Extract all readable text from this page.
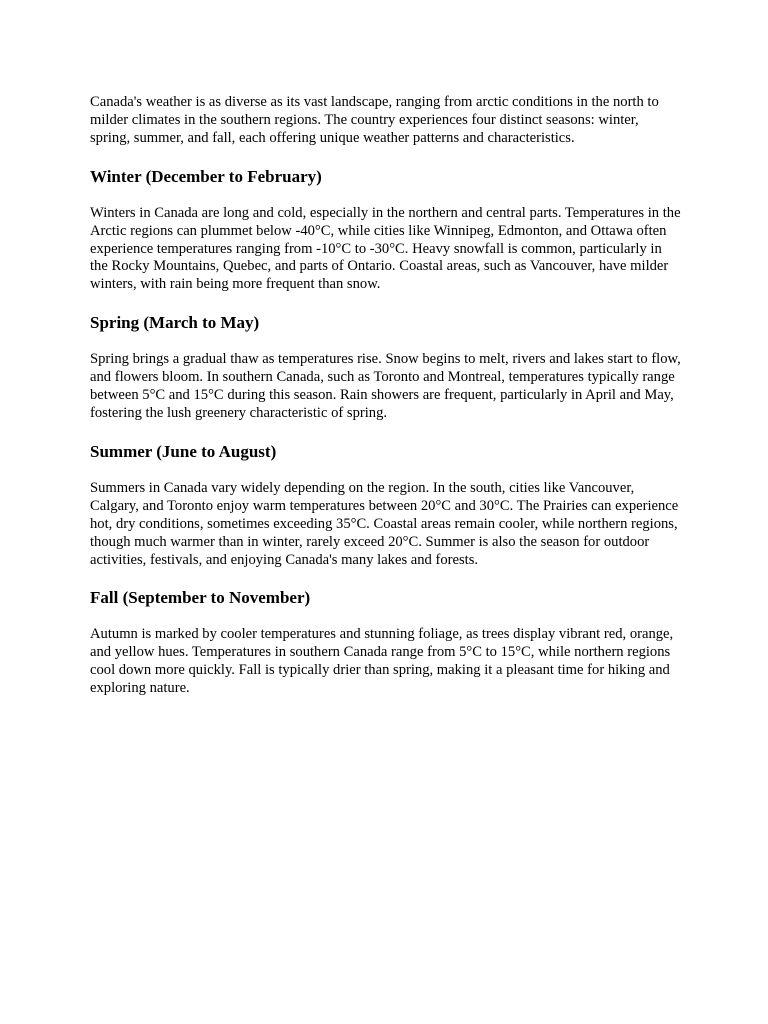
Canada's weather is as diverse as its vast landscape, ranging from arctic conditions in the north to milder climates in the southern regions. The country experiences four distinct seasons: winter, spring, summer, and fall, each offering unique weather patterns and characteristics.

Winter (December to February)

Winters in Canada are long and cold, especially in the northern and central parts. Temperatures in the Arctic regions can plummet below -40°C, while cities like Winnipeg, Edmonton, and Ottawa often experience temperatures ranging from -10°C to -30°C. Heavy snowfall is common, particularly in the Rocky Mountains, Quebec, and parts of Ontario. Coastal areas, such as Vancouver, have milder winters, with rain being more frequent than snow.

Spring (March to May)

Spring brings a gradual thaw as temperatures rise. Snow begins to melt, rivers and lakes start to flow, and flowers bloom. In southern Canada, such as Toronto and Montreal, temperatures typically range between 5°C and 15°C during this season. Rain showers are frequent, particularly in April and May, fostering the lush greenery characteristic of spring.

Summer (June to August)

Summers in Canada vary widely depending on the region. In the south, cities like Vancouver, Calgary, and Toronto enjoy warm temperatures between 20°C and 30°C. The Prairies can experience hot, dry conditions, sometimes exceeding 35°C. Coastal areas remain cooler, while northern regions, though much warmer than in winter, rarely exceed 20°C. Summer is also the season for outdoor activities, festivals, and enjoying Canada's many lakes and forests.

Fall (September to November)

Autumn is marked by cooler temperatures and stunning foliage, as trees display vibrant red, orange, and yellow hues. Temperatures in southern Canada range from 5°C to 15°C, while northern regions cool down more quickly. Fall is typically drier than spring, making it a pleasant time for hiking and exploring nature.
